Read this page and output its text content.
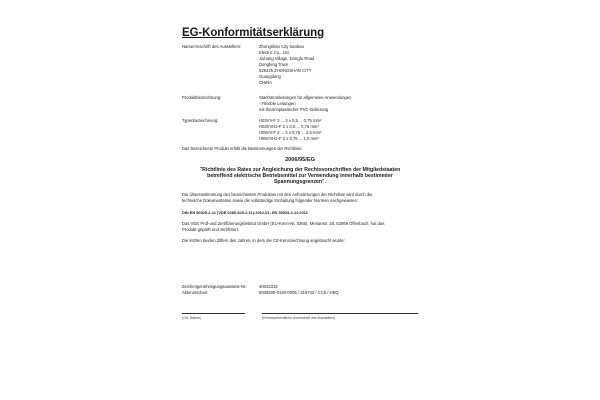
EG-Konformitätserklärung
Name/Anschrift des Ausstellers:	Zhongshan City Sanbao
Electric Co., Ltd.
Jiuhang Village, Dongfu Road
Dongfeng Town
528425 ZHONGSHAN CITY
Guangdong
CHINA
Produktbezeichnung:	Starkstromleitungen für allgemeine Anwendungen
- Flexible Leitungen
mit thermoplastischer PVC-Isolierung
Typenbezeichnung:	H03VV-F 2 ... 3 x 0,5 ... 0,75 mm²
H03VVH2-F 2 x 0,5 ... 0,75 mm²
H05VV-F 2 ... 3 x 0,75 ... 2,5 mm²
H05VVH2-F 2 x 0,75 ... 1,0 mm²
Das bezeichnete Produkt erfüllt die Bestimmungen der Richtlinie:
2006/95/EG
"Richtlinie des Rates zur Angleichung der Rechtsvorschriften der Mitgliedstaaten
betreffend elektrische Betriebsmittel zur Verwendung innerhalb bestimmter
Spannungsgrenzen".
Die Übereinstimmung des bezeichneten Produktes mit den Anforderungen der Richtlinie wird durch die
technische Dokumentation sowie die vollständige Einhaltung folgender Normen nachgewiesen:
DIN EN 50525-2-11 (VDE 0285-525-2-11):2012-01; EN 50525-2-11:2011
Das VDE Prüf-und Zertifizierungsinstitut GmbH (EU-Kenn-Nr. 0366), Merianstr. 28, 63069 Offenbach, hat das
Produkt geprüft und zertifiziert.
Die letzten beiden Ziffern des Jahres, in dem die CE-Kennzeichnung angebracht wurde:
Zeichengenehmigungsausweis-Nr.:	40042319
Aktenzeichen:	5008400-0140-0005 / 218733 / CC5 / HEQ
(Ort, Datum)	(Rechtsverbindliche Unterschrift des Ausstellers)
